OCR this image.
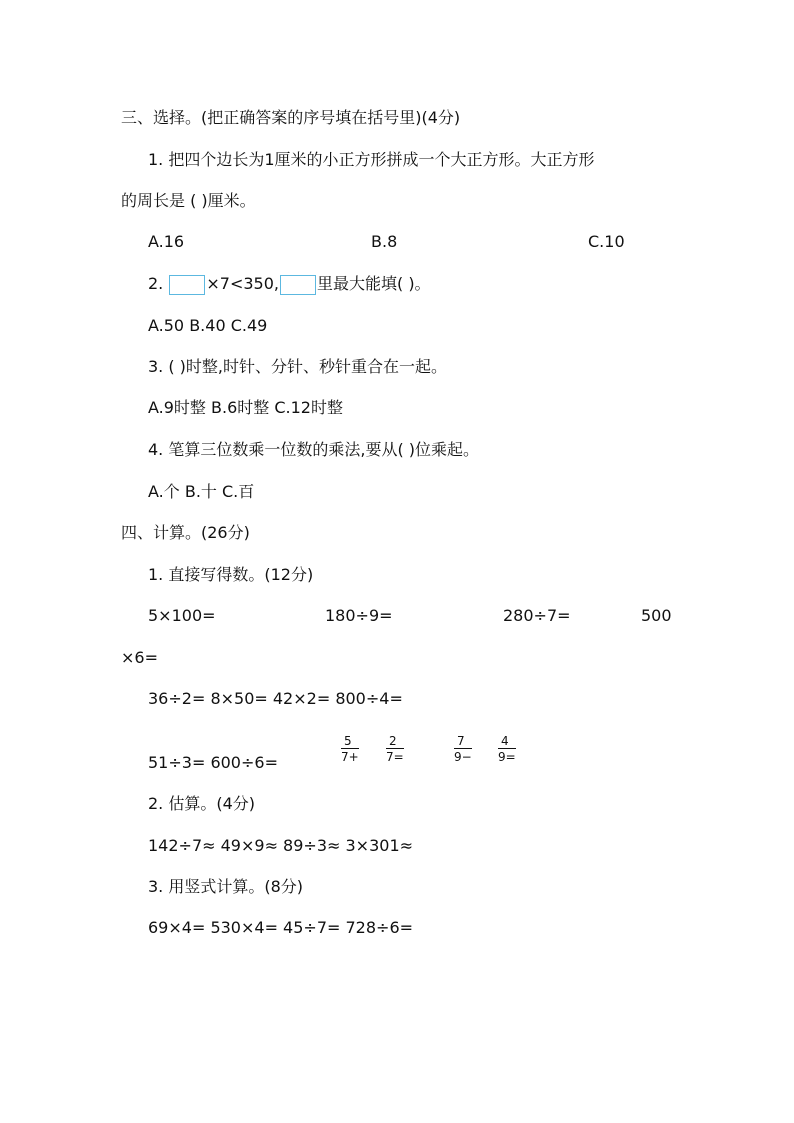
三、选择。(把正确答案的序号填在括号里)(4分)
1. 把四个边长为1厘米的小正方形拼成一个大正方形。大正方形
的周长是 ( )厘米。
A.16	B.8	C.10
2.	×7<350, 里最大能填( )。
A.50 B.40 C.49
3. ( )时整,时针、分针、秒针重合在一起。
A.9时整 B.6时整 C.12时整
4. 笔算三位数乘一位数的乘法,要从( )位乘起。
A.个 B.十 C.百
四、计算。(26分)
1. 直接写得数。(12分)
5×100=	180÷9=	280÷7=	500
×6=
36÷2= 8×50= 42×2= 800÷4=
51÷3= 600÷6=	$\frac{5}{7+} \frac{2}{7=}$	$\frac{7}{9-} \frac{4}{9=}$
2. 估算。(4分)
142÷7≈ 49×9≈ 89÷3≈ 3×301≈
3. 用竖式计算。(8分)
69×4= 530×4= 45÷7= 728÷6=
